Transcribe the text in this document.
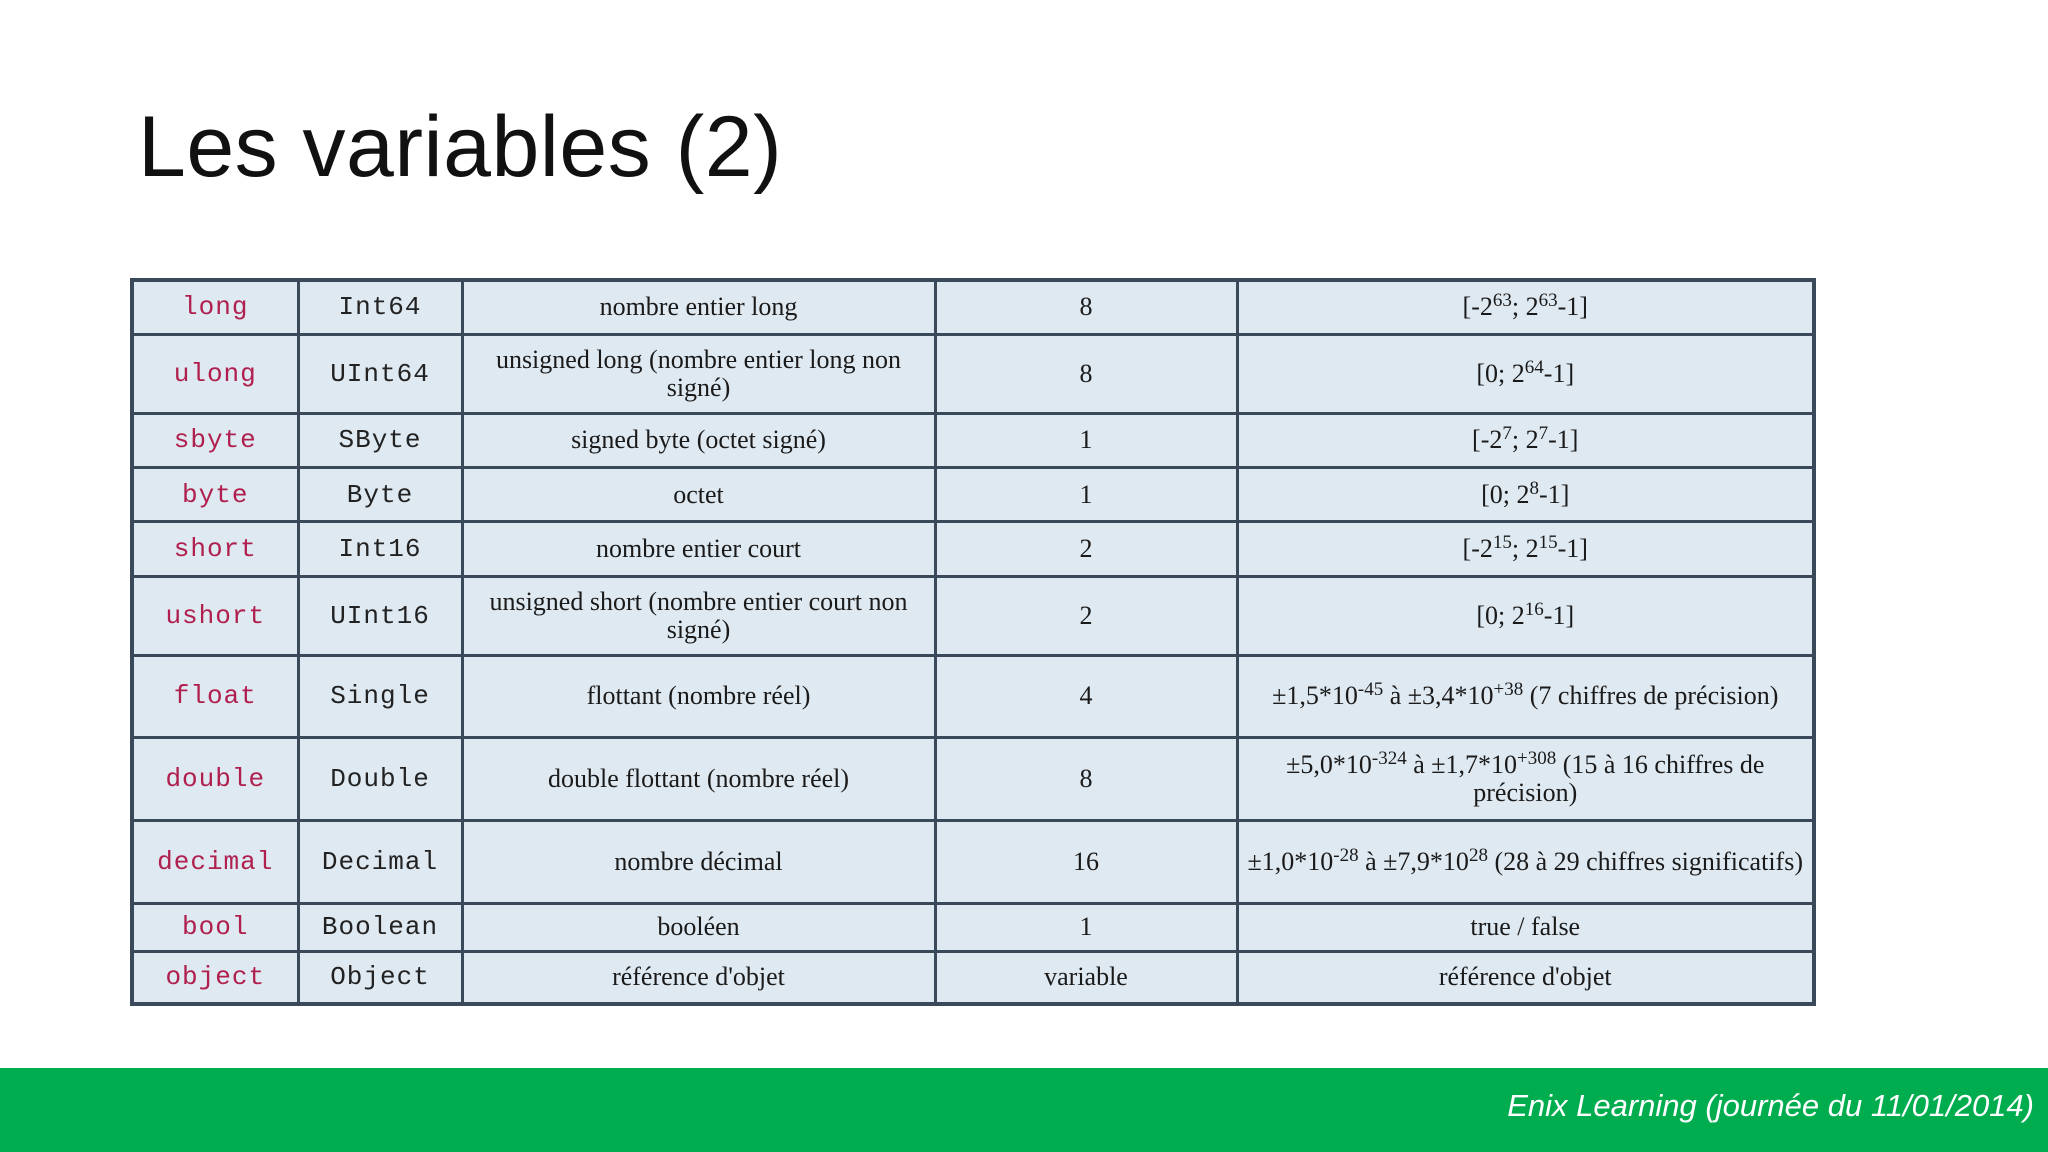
Les variables (2)
long	Int64	nombre entier long	8	[$-2^{63}$; $2^{63}-1$]
ulong	UInt64	unsigned long (nombre entier long non signé)	8	[0; $2^{64}-1$]
sbyte	SByte	signed byte (octet signé)	1	[$-2^7$; $2^7-1$]
byte	Byte	octet	1	[0; $2^8-1$]
short	Int16	nombre entier court	2	[$-2^{15}$; $2^{15}-1$]
ushort	UInt16	unsigned short (nombre entier court non signé)	2	[0; $2^{16}-1$]
float	Single	flottant (nombre réel)	4	$\pm 1,5*10^{-45}$ à $\pm 3,4*10^{+38}$ (7 chiffres de précision)
double	Double	double flottant (nombre réel)	8	$\pm 5,0*10^{-324}$ à $\pm 1,7*10^{+308}$ (15 à 16 chiffres de précision)
decimal	Decimal	nombre décimal	16	$\pm 1,0*10^{-28}$ à $\pm 7,9*10^{28}$ (28 à 29 chiffres significatifs)
bool	Boolean	booléen	1	true / false
object	Object	référence d'objet	variable	référence d'objet
Enix Learning (journée du 11/01/2014)
